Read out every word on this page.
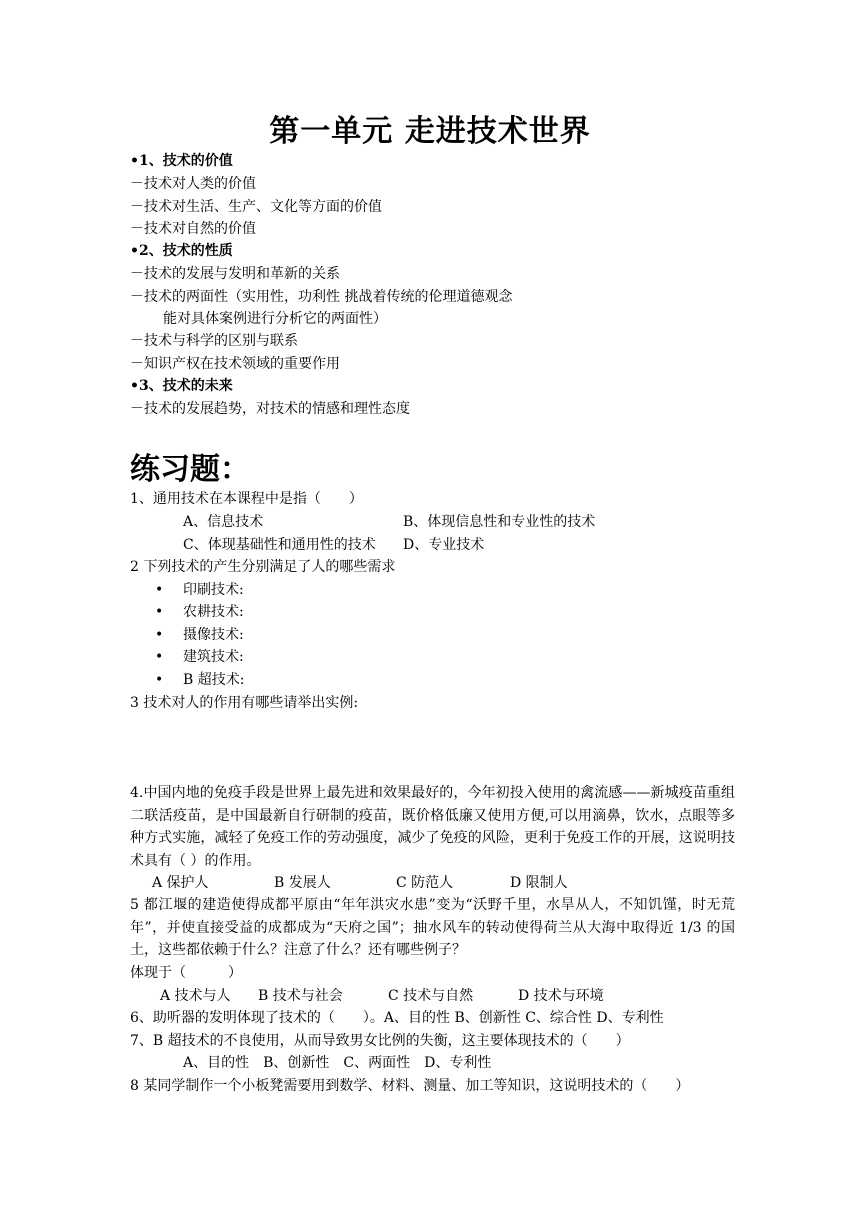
第一单元 走进技术世界
•1、技术的价值
－技术对人类的价值
－技术对生活、生产、文化等方面的价值
－技术对自然的价值
•2、技术的性质
－技术的发展与发明和革新的关系
－技术的两面性（实用性，功利性 挑战着传统的伦理道德观念
能对具体案例进行分析它的两面性）
－技术与科学的区别与联系
－知识产权在技术领域的重要作用
•3、技术的未来
－技术的发展趋势，对技术的情感和理性态度
练习题：
1、通用技术在本课程中是指（　　）
A、信息技术	B、体现信息性和专业性的技术
C、体现基础性和通用性的技术 D、专业技术
2 下列技术的产生分别满足了人的哪些需求
• 印刷技术:
• 农耕技术:
• 摄像技术:
• 建筑技术:
• B 超技术:
3 技术对人的作用有哪些请举出实例:
4.中国内地的免疫手段是世界上最先进和效果最好的，今年初投入使用的禽流感——新城疫苗重组二联活疫苗，是中国最新自行研制的疫苗，既价格低廉又使用方便,可以用滴鼻，饮水，点眼等多种方式实施，减轻了免疫工作的劳动强度，减少了免疫的风险，更利于免疫工作的开展，这说明技术具有（ ）的作用。
A 保护人	B 发展人	C 防范人	D 限制人
5 都江堰的建造使得成都平原由“年年洪灾水患”变为“沃野千里，水旱从人，不知饥馑，时无荒年”，并使直接受益的成都成为“天府之国”；抽水风车的转动使得荷兰从大海中取得近 1/3 的国土，这些都依赖于什么？注意了什么？还有哪些例子？
体现于（　　　）
A 技术与人 B 技术与社会	C 技术与自然	D 技术与环境
6、助听器的发明体现了技术的（　　）。A、目的性 B、创新性 C、综合性 D、专利性
7、B 超技术的不良使用，从而导致男女比例的失衡，这主要体现技术的（　　）
A、目的性　B、创新性　C、两面性　D、专利性
8 某同学制作一个小板凳需要用到数学、材料、测量、加工等知识，这说明技术的（　　）
